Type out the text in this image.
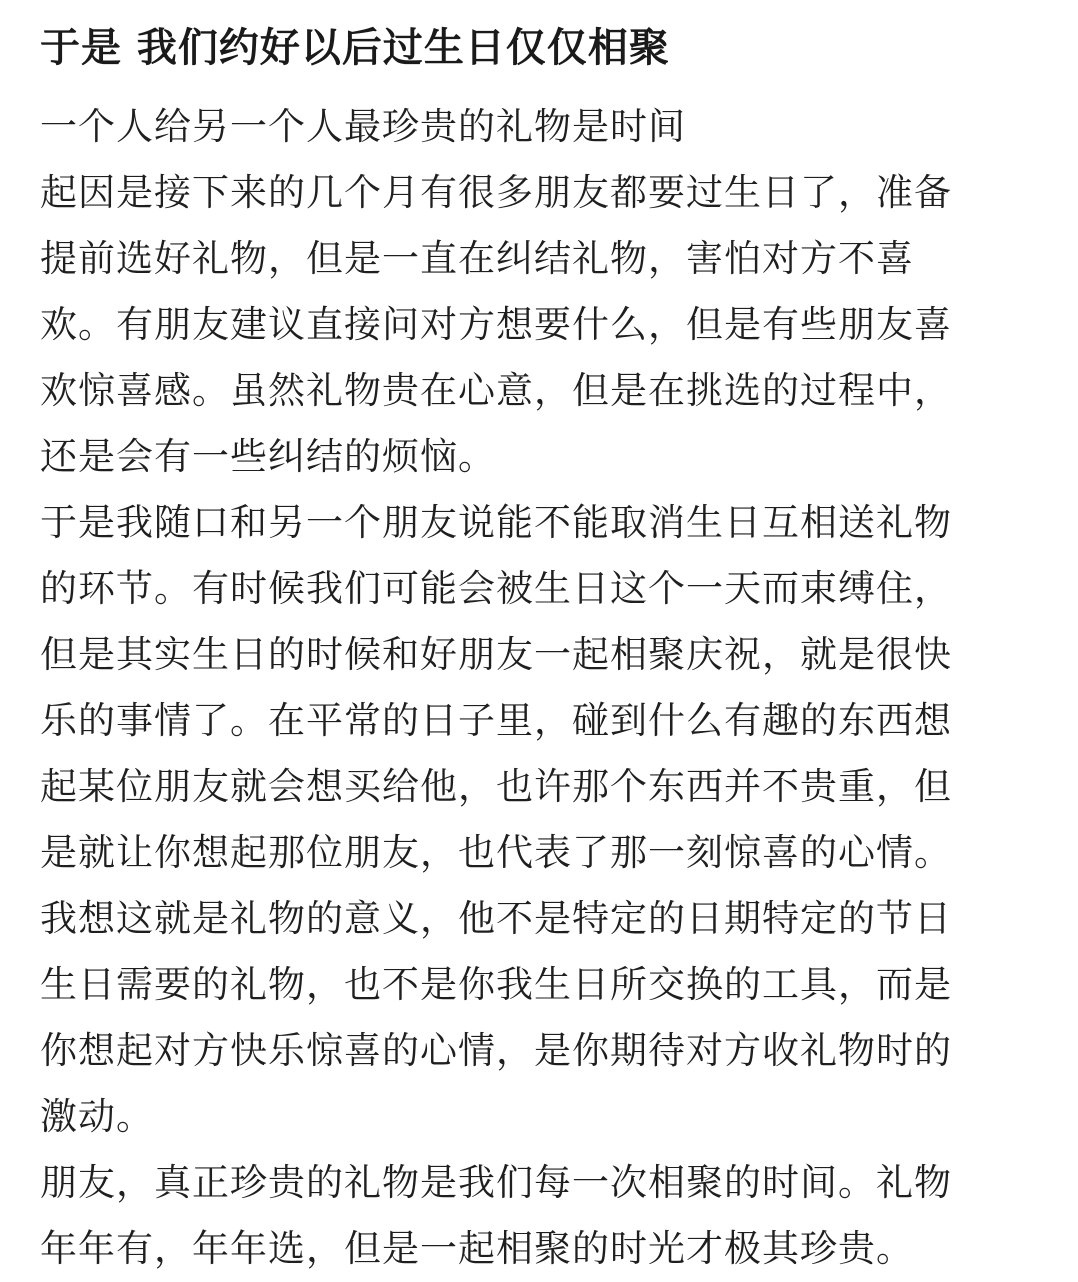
于是 我们约好以后过生日仅仅相聚
一个人给另一个人最珍贵的礼物是时间
起因是接下来的几个月有很多朋友都要过生日了，准备
提前选好礼物，但是一直在纠结礼物，害怕对方不喜
欢。有朋友建议直接问对方想要什么，但是有些朋友喜
欢惊喜感。虽然礼物贵在心意，但是在挑选的过程中，
还是会有一些纠结的烦恼。
于是我随口和另一个朋友说能不能取消生日互相送礼物
的环节。有时候我们可能会被生日这个一天而束缚住，
但是其实生日的时候和好朋友一起相聚庆祝，就是很快
乐的事情了。在平常的日子里，碰到什么有趣的东西想
起某位朋友就会想买给他，也许那个东西并不贵重，但
是就让你想起那位朋友，也代表了那一刻惊喜的心情。
我想这就是礼物的意义，他不是特定的日期特定的节日
生日需要的礼物，也不是你我生日所交换的工具，而是
你想起对方快乐惊喜的心情，是你期待对方收礼物时的
激动。
朋友，真正珍贵的礼物是我们每一次相聚的时间。礼物
年年有，年年选，但是一起相聚的时光才极其珍贵。
